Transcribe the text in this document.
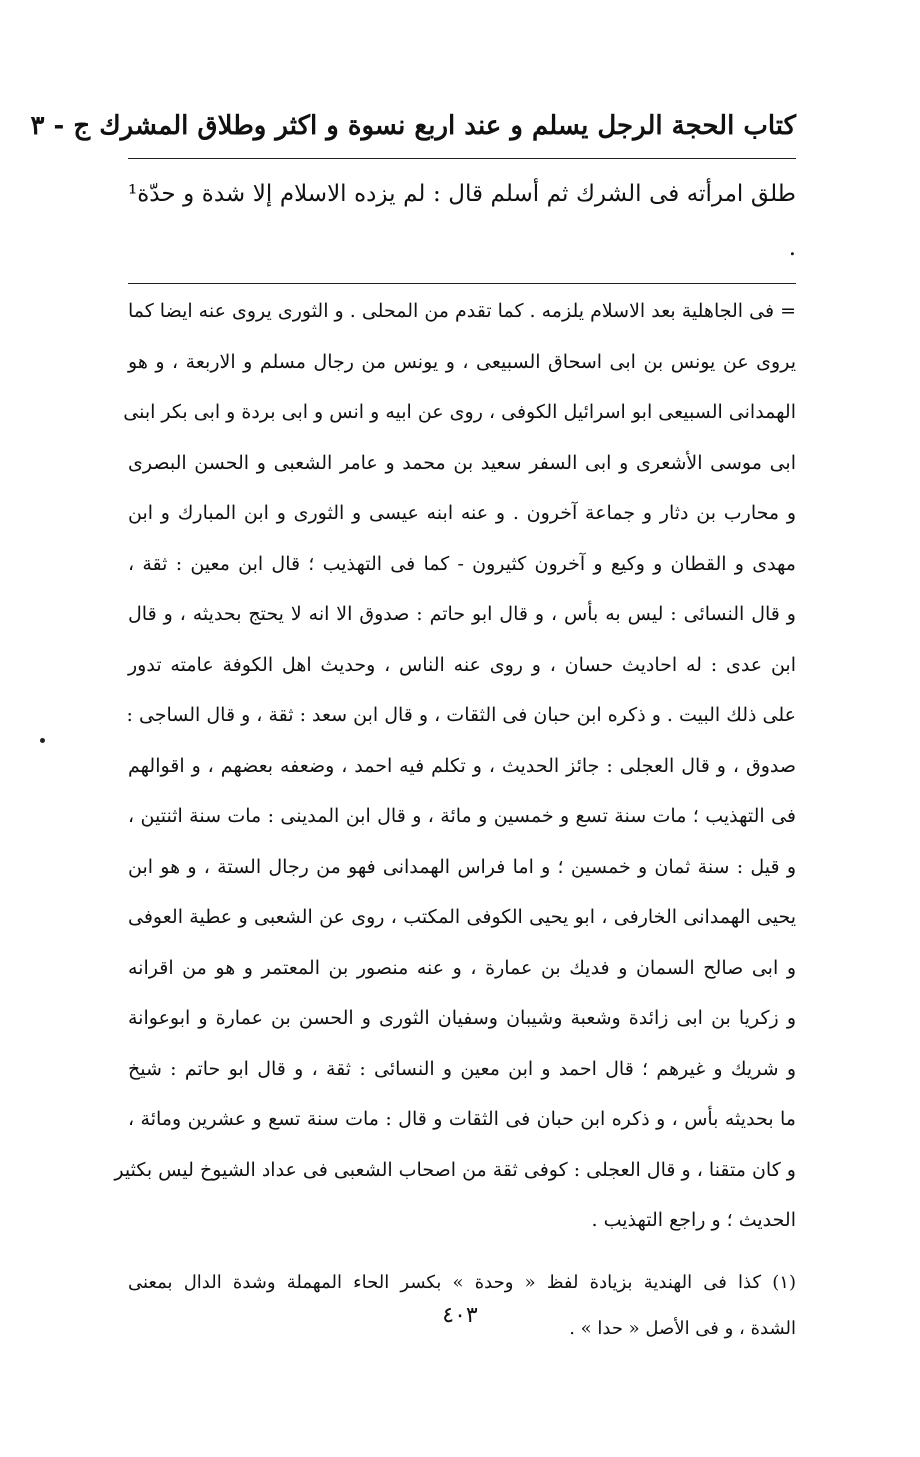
كتاب الحجة الرجل يسلم و عند اربع نسوة و اكثر وطلاق المشرك ج - ٣
طلق امرأته فى الشرك ثم أسلم قال : لم يزده الاسلام إلا شدة و حدّة¹ .
= فى الجاهلية بعد الاسلام يلزمه . كما تقدم من المحلى . و الثورى يروى عنه ايضا كما
يروى عن يونس بن ابى اسحاق السبيعى ، و يونس من رجال مسلم و الاربعة ، و هو
الهمدانى السبيعى ابو اسرائيل الكوفى ، روى عن ابيه و انس و ابى بردة و ابى بكر ابنى
ابى موسى الأشعرى و ابى السفر سعيد بن محمد و عامر الشعبى و الحسن البصرى
و محارب بن دثار و جماعة آخرون . و عنه ابنه عيسى و الثورى و ابن المبارك و ابن
مهدى و القطان و وكيع و آخرون كثيرون - كما فى التهذيب ؛ قال ابن معين : ثقة ،
و قال النسائى : ليس به بأس ، و قال ابو حاتم : صدوق الا انه لا يحتج بحديثه ، و قال
ابن عدى : له احاديث حسان ، و روى عنه الناس ، وحديث اهل الكوفة عامته تدور
على ذلك البيت . و ذكره ابن حبان فى الثقات ، و قال ابن سعد : ثقة ، و قال الساجى :
صدوق ، و قال العجلى : جائز الحديث ، و تكلم فيه احمد ، وضعفه بعضهم ، و اقوالهم
فى التهذيب ؛ مات سنة تسع و خمسين و مائة ، و قال ابن المدينى : مات سنة اثنتين ،
و قيل : سنة ثمان و خمسين ؛ و اما فراس الهمدانى فهو من رجال الستة ، و هو ابن
يحيى الهمدانى الخارفى ، ابو يحيى الكوفى المكتب ، روى عن الشعبى و عطية العوفى
و ابى صالح السمان و فديك بن عمارة ، و عنه منصور بن المعتمر و هو من اقرانه
و زكريا بن ابى زائدة وشعبة وشيبان وسفيان الثورى و الحسن بن عمارة و ابوعوانة
و شريك و غيرهم ؛ قال احمد و ابن معين و النسائى : ثقة ، و قال ابو حاتم : شيخ
ما بحديثه بأس ، و ذكره ابن حبان فى الثقات و قال : مات سنة تسع و عشرين ومائة ،
و كان متقنا ، و قال العجلى : كوفى ثقة من اصحاب الشعبى فى عداد الشيوخ ليس بكثير
الحديث ؛ و راجع التهذيب .
(١) كذا فى الهندية بزيادة لفظ « وحدة » بكسر الحاء المهملة وشدة الدال بمعنى
الشدة ، و فى الأصل « حدا » .
٤٠٣
